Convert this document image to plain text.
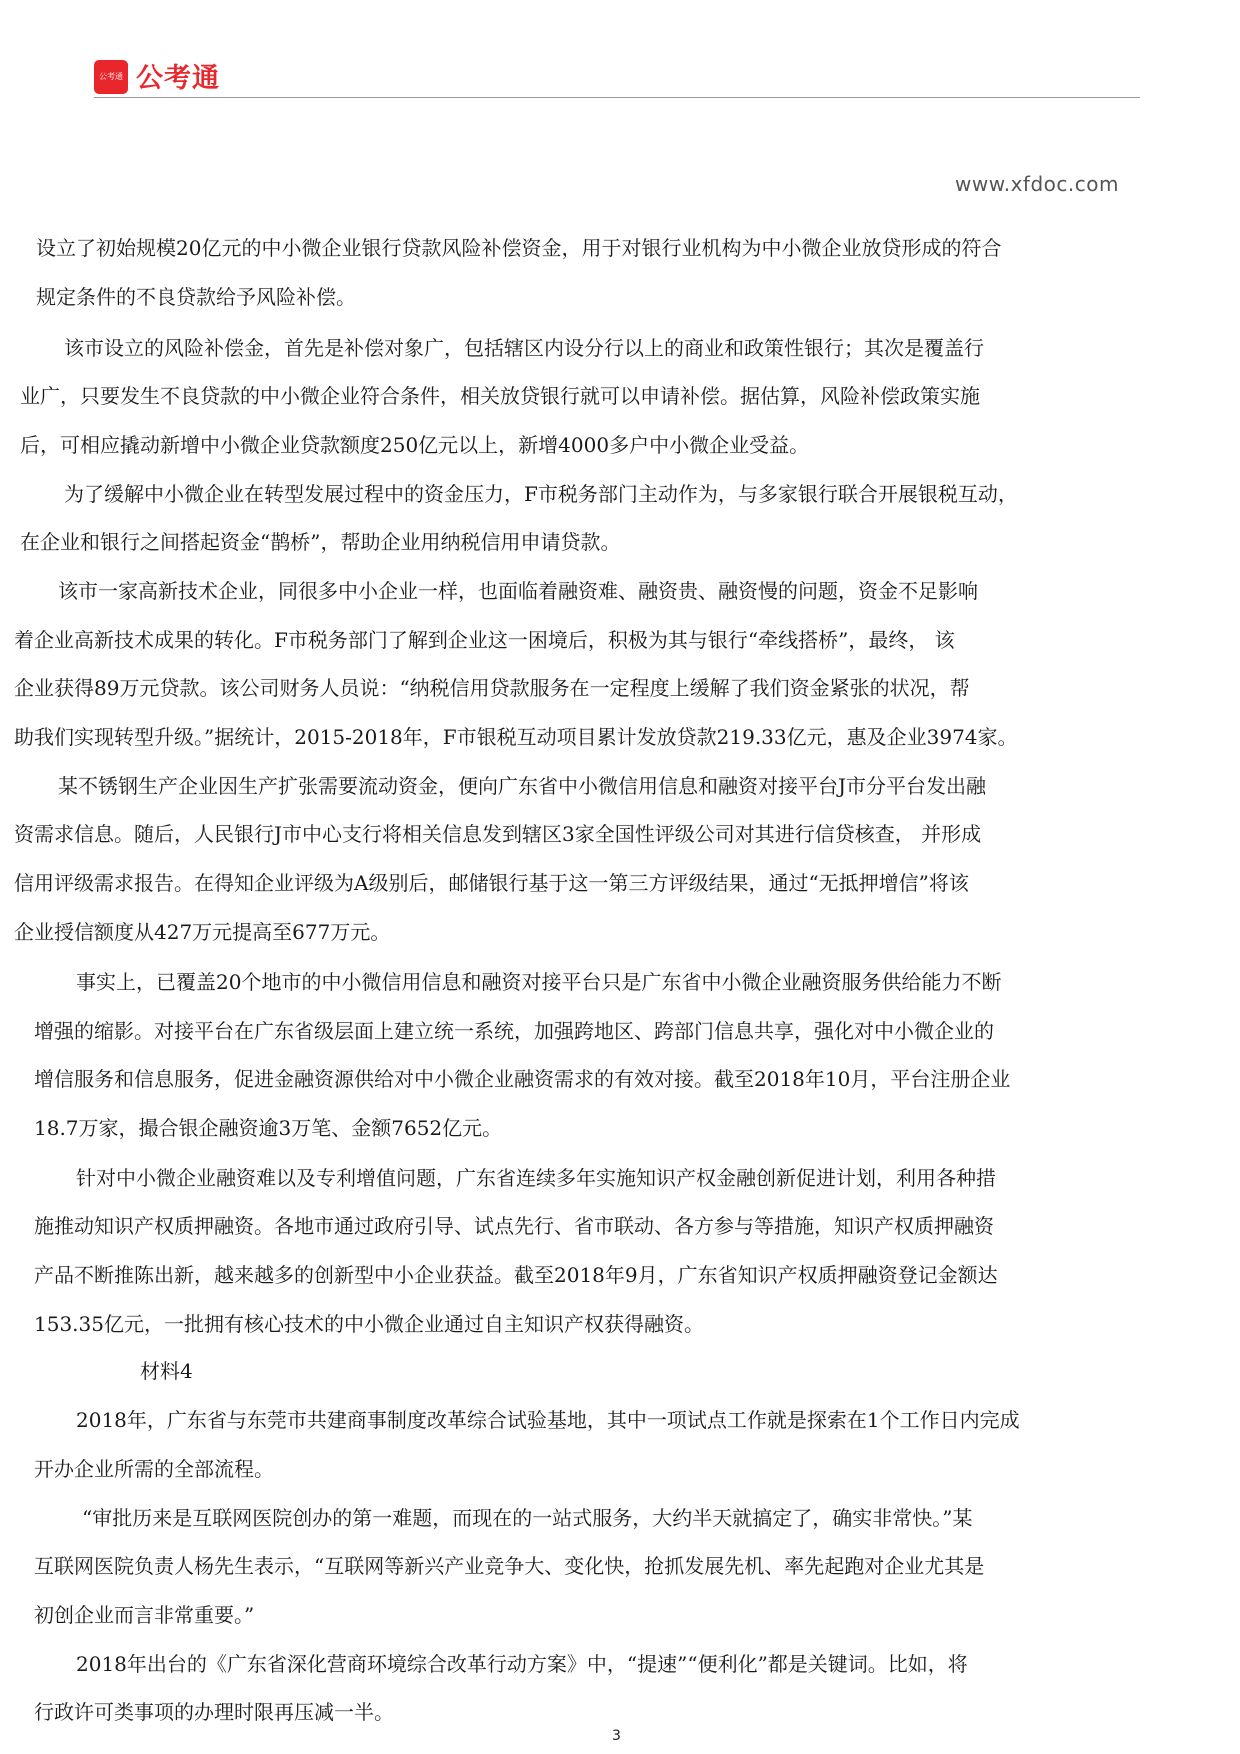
公考通 公考通
www.xfdoc.com
设立了初始规模20亿元的中小微企业银行贷款风险补偿资金，用于对银行业机构为中小微企业放贷形成的符合
规定条件的不良贷款给予风险补偿。
该市设立的风险补偿金，首先是补偿对象广，包括辖区内设分行以上的商业和政策性银行；其次是覆盖行
业广，只要发生不良贷款的中小微企业符合条件，相关放贷银行就可以申请补偿。据估算，风险补偿政策实施
后，可相应撬动新增中小微企业贷款额度250亿元以上，新增4000多户中小微企业受益。
为了缓解中小微企业在转型发展过程中的资金压力，F市税务部门主动作为，与多家银行联合开展银税互动，
在企业和银行之间搭起资金“鹊桥”，帮助企业用纳税信用申请贷款。
该市一家高新技术企业，同很多中小企业一样，也面临着融资难、融资贵、融资慢的问题，资金不足影响
着企业高新技术成果的转化。F市税务部门了解到企业这一困境后，积极为其与银行“牵线搭桥”，最终， 该
企业获得89万元贷款。该公司财务人员说：“纳税信用贷款服务在一定程度上缓解了我们资金紧张的状况，帮
助我们实现转型升级。”据统计，2015-2018年，F市银税互动项目累计发放贷款219.33亿元，惠及企业3974家。
某不锈钢生产企业因生产扩张需要流动资金，便向广东省中小微信用信息和融资对接平台J市分平台发出融
资需求信息。随后，人民银行J市中心支行将相关信息发到辖区3家全国性评级公司对其进行信贷核查， 并形成
信用评级需求报告。在得知企业评级为A级别后，邮储银行基于这一第三方评级结果，通过“无抵押增信”将该
企业授信额度从427万元提高至677万元。
事实上，已覆盖20个地市的中小微信用信息和融资对接平台只是广东省中小微企业融资服务供给能力不断
增强的缩影。对接平台在广东省级层面上建立统一系统，加强跨地区、跨部门信息共享，强化对中小微企业的
增信服务和信息服务，促进金融资源供给对中小微企业融资需求的有效对接。截至2018年10月，平台注册企业
18.7万家，撮合银企融资逾3万笔、金额7652亿元。
针对中小微企业融资难以及专利增值问题，广东省连续多年实施知识产权金融创新促进计划，利用各种措
施推动知识产权质押融资。各地市通过政府引导、试点先行、省市联动、各方参与等措施，知识产权质押融资
产品不断推陈出新，越来越多的创新型中小企业获益。截至2018年9月，广东省知识产权质押融资登记金额达
153.35亿元，一批拥有核心技术的中小微企业通过自主知识产权获得融资。
材料4
2018年，广东省与东莞市共建商事制度改革综合试验基地，其中一项试点工作就是探索在1个工作日内完成
开办企业所需的全部流程。
“审批历来是互联网医院创办的第一难题，而现在的一站式服务，大约半天就搞定了，确实非常快。”某
互联网医院负责人杨先生表示，“互联网等新兴产业竞争大、变化快，抢抓发展先机、率先起跑对企业尤其是
初创企业而言非常重要。”
2018年出台的《广东省深化营商环境综合改革行动方案》中，“提速”“便利化”都是关键词。比如，将
行政许可类事项的办理时限再压减一半。
3
